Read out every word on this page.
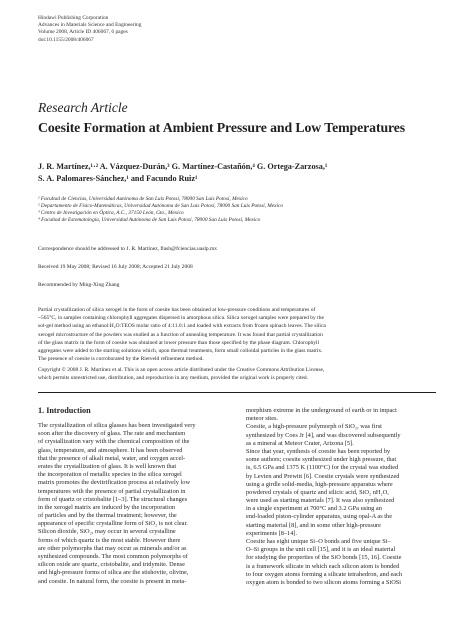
Hindawi Publishing Corporation
Advances in Materials Science and Engineering
Volume 2008, Article ID 406067, 6 pages
doi:10.1155/2008/406067
Research Article
Coesite Formation at Ambient Pressure and Low Temperatures
J. R. Martínez,¹·² A. Vázquez-Durán,³ G. Martínez-Castañón,⁴ G. Ortega-Zarzosa,¹
S. A. Palomares-Sánchez,¹ and Facundo Ruiz¹
¹ Facultad de Ciencias, Universidad Autónoma de San Luis Potosí, 78000 San Luis Potosí, Mexico
² Departamento de Físico-Matemáticas, Universidad Autónoma de San Luis Potosí, 78000 San Luis Potosí, Mexico
³ Centro de Investigación en Óptica, A.C., 37150 León, Gto., Mexico
⁴ Facultad de Estomatología, Universidad Autónoma de San Luis Potosí, 78000 San Luis Potosí, Mexico
Correspondence should be addressed to J. R. Martínez, flash@fciencias.uaslp.mx
Received 19 May 2008; Revised 16 July 2008; Accepted 21 July 2008
Recommended by Ming-Xing Zhang
Partial crystallization of silica xerogel in the form of coesite has been obtained at low-pressure conditions and temperatures of
~565°C, in samples containing chlorophyll aggregates dispersed in amorphous silica. Silica xerogel samples were prepared by the
sol-gel method using an ethanol:H₂O:TEOS molar ratio of 4:11.6:1 and loaded with extracts from frozen spinach leaves. The silica
xerogel microstructure of the powders was studied as a function of annealing temperature. It was found that partial crystallization
of the glass matrix in the form of coesite was obtained at lower pressure than those specified by the phase diagram. Chlorophyll
aggregates were added to the starting solutions which, upon thermal treatments, form small colloidal particles in the glass matrix.
The presence of coesite is corroborated by the Rietveld refinement method.
Copyright © 2008 J. R. Martínez et al. This is an open access article distributed under the Creative Commons Attribution License,
which permits unrestricted use, distribution, and reproduction in any medium, provided the original work is properly cited.
1. Introduction
The crystallization of silica glasses has been investigated very
soon after the discovery of glass. The rate and mechanism
of crystallization vary with the chemical composition of the
glass, temperature, and atmosphere. It has been observed
that the presence of alkali metal, water, and oxygen accel-
erates the crystallization of glass. It is well known that
the incorporation of metallic species in the silica xerogel
matrix promotes the devitrification process at relatively low
temperatures with the presence of partial crystallization in
form of quartz or cristobalite [1–3]. The structural changes
in the xerogel matrix are induced by the incorporation
of particles and by the thermal treatment; however, the
appearance of specific crystalline form of SiO₂ is not clear.
Silicon dioxide, SiO₂, may occur in several crystalline
forms of which quartz is the most stable. However there
are other polymorphs that may occur as minerals and/or as
synthesized compounds. The most common polymorphs of
silicon oxide are quartz, cristobalite, and tridymite. Dense
and high-pressure forms of silica are the stishovite, olivine,
and coesite. In natural form, the coesite is present in meta-
morphism extreme in the underground of earth or in impact
meteor sites.
Coesite, a high-pressure polymorph of SiO₂, was first
synthesized by Coes Jr [4], and was discovered subsequently
as a mineral at Meteor Crater, Arizona [5].
Since that year, synthesis of coesite has been reported by
some authors; coesite synthesized under high pressure, that
is, 6.5 GPa and 1375 K (1100°C) for the crystal was studied
by Levien and Prewitt [6]. Coesite crystals were synthesized
using a girdle solid-media, high-pressure apparatus where
powdered crystals of quartz and silicic acid, SiO₂ nH₂O,
were used as starting materials [7]. It was also synthesized
in a single experiment at 700°C and 3.2 GPa using an
end-loaded piston-cylinder apparatus, using opal-A as the
starting material [8], and in some other high-pressure
experiments [8–14].
Coesite has eight unique Si–O bonds and five unique Si–
O–Si groups in the unit cell [15], and it is an ideal material
for studying the properties of the SiO bonds [15, 16]. Coesite
is a framework silicate in which each silicon atom is bonded
to four oxygen atoms forming a silicate tetrahedron, and each
oxygen atom is bonded to two silicon atoms forming a SiOSi
